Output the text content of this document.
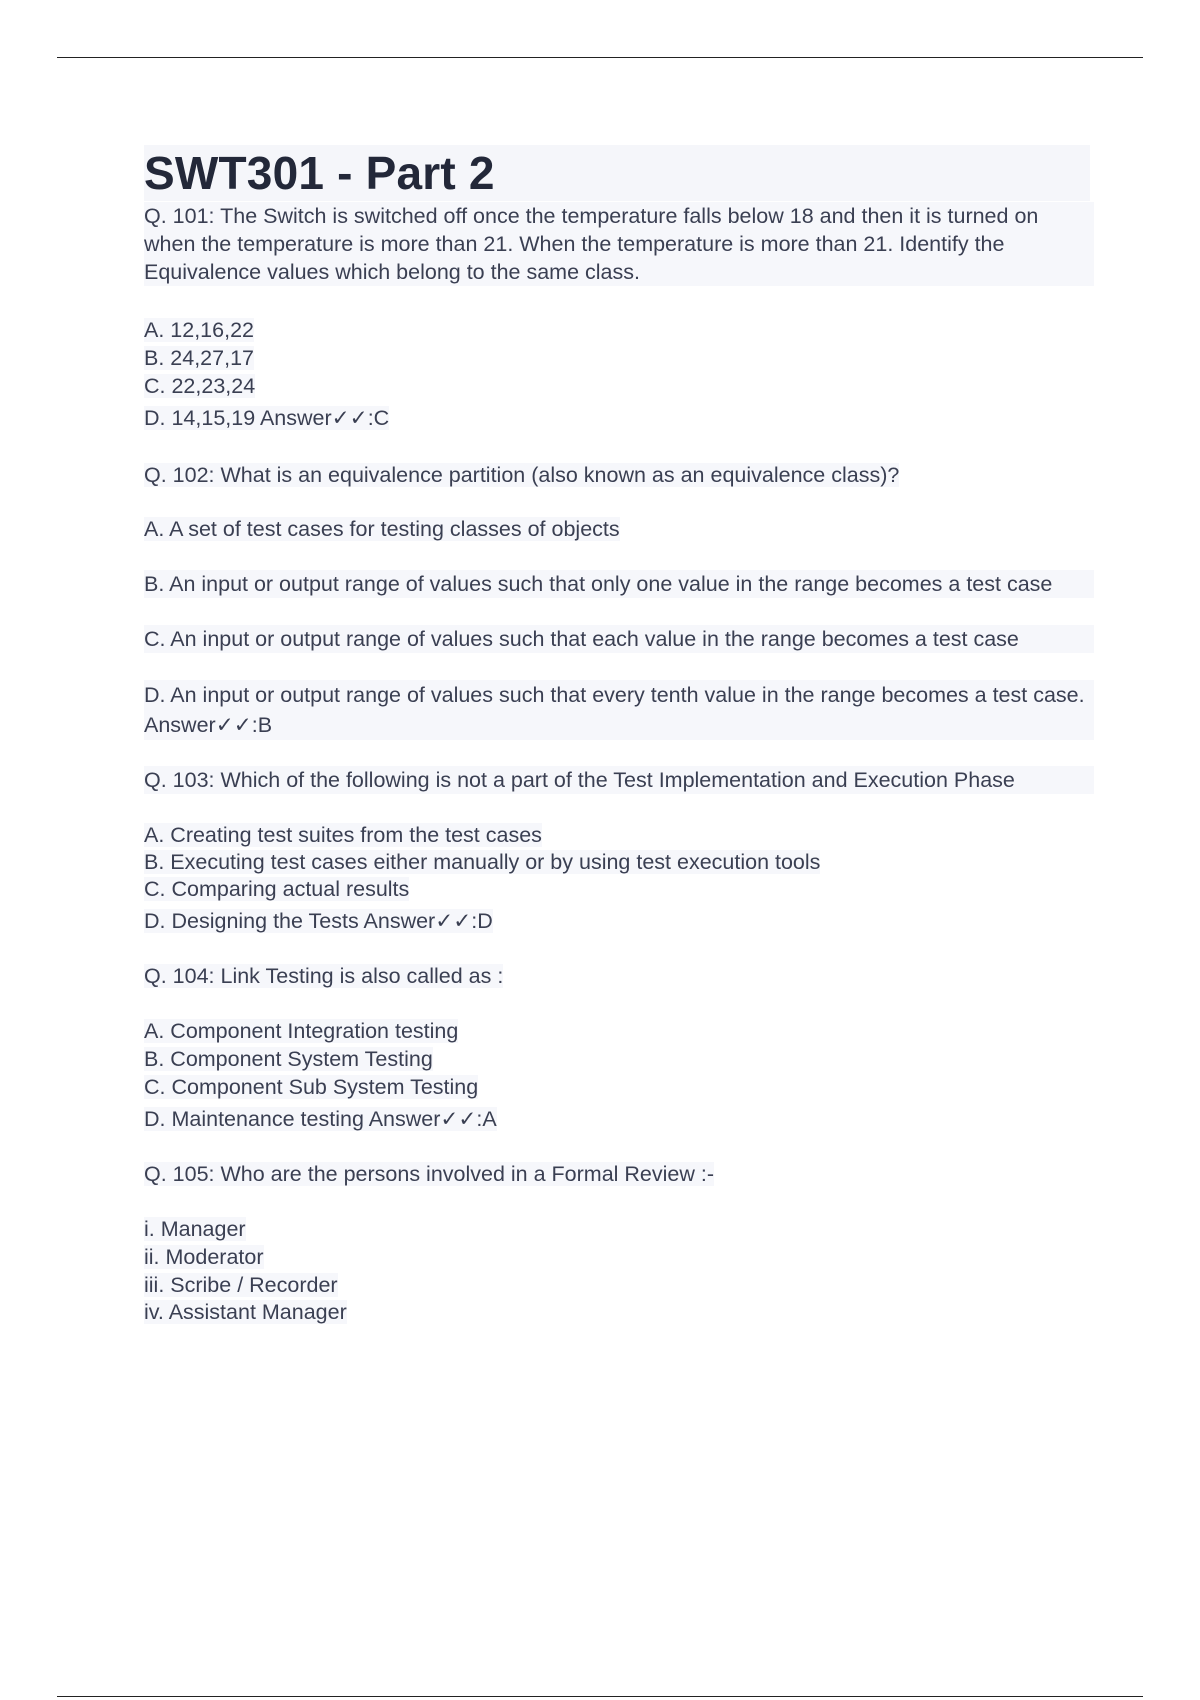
SWT301 - Part 2

Q. 101: The Switch is switched off once the temperature falls below 18 and then it is turned on when the temperature is more than 21. When the temperature is more than 21. Identify the Equivalence values which belong to the same class.

A. 12,16,22

B. 24,27,17

C. 22,23,24

D. 14,15,19 Answer✓✓:C

Q. 102: What is an equivalence partition (also known as an equivalence class)?

A. A set of test cases for testing classes of objects

B. An input or output range of values such that only one value in the range becomes a test case

C. An input or output range of values such that each value in the range becomes a test case

D. An input or output range of values such that every tenth value in the range becomes a test case. Answer✓✓:B

Q. 103: Which of the following is not a part of the Test Implementation and Execution Phase

A. Creating test suites from the test cases

B. Executing test cases either manually or by using test execution tools

C. Comparing actual results

D. Designing the Tests Answer✓✓:D

Q. 104: Link Testing is also called as :

A. Component Integration testing

B. Component System Testing

C. Component Sub System Testing

D. Maintenance testing Answer✓✓:A

Q. 105: Who are the persons involved in a Formal Review :-

i. Manager

ii. Moderator

iii. Scribe / Recorder

iv. Assistant Manager
